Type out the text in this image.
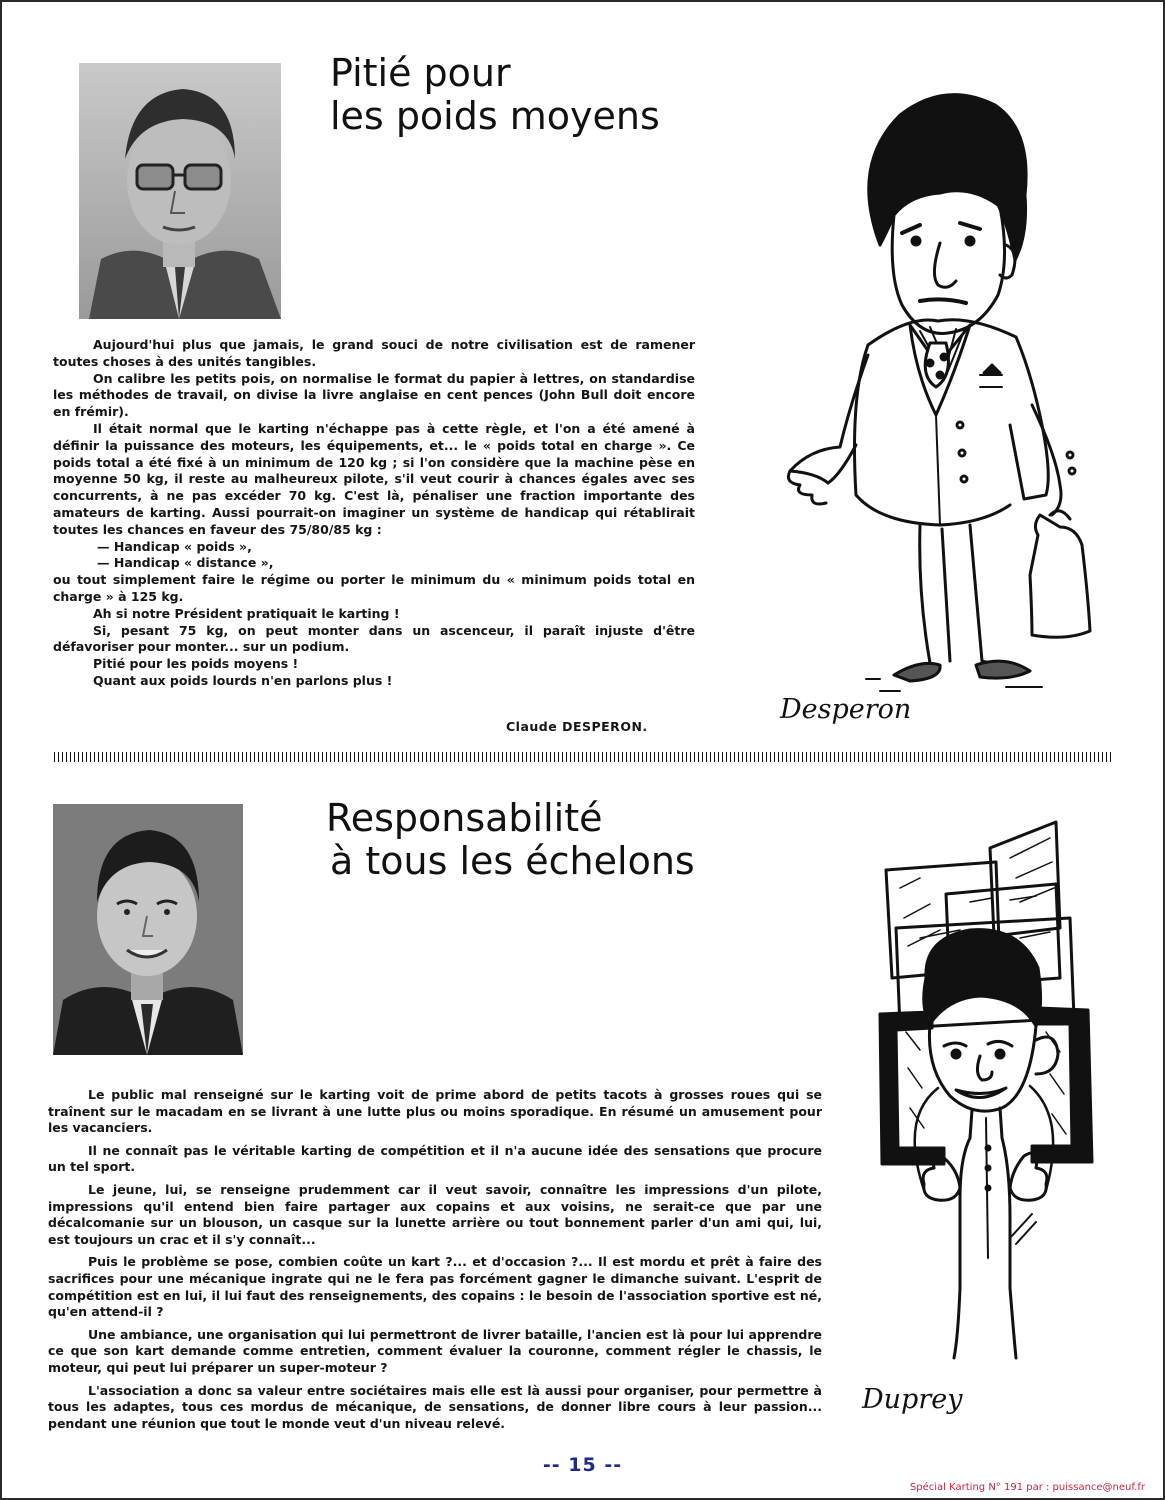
Pitié pour
les poids moyens

Aujourd'hui plus que jamais, le grand souci de notre civilisation est de ramener toutes choses à des unités tangibles.

On calibre les petits pois, on normalise le format du papier à lettres, on standardise les méthodes de travail, on divise la livre anglaise en cent pences (John Bull doit encore en frémir).

Il était normal que le karting n'échappe pas à cette règle, et l'on a été amené à définir la puissance des moteurs, les équipements, et... le « poids total en charge ». Ce poids total a été fixé à un minimum de 120 kg ; si l'on considère que la machine pèse en moyenne 50 kg, il reste au malheureux pilote, s'il veut courir à chances égales avec ses concurrents, à ne pas excéder 70 kg. C'est là, pénaliser une fraction importante des amateurs de karting. Aussi pourrait-on imaginer un système de handicap qui rétablirait toutes les chances en faveur des 75/80/85 kg :

— Handicap « poids »,

— Handicap « distance »,

ou tout simplement faire le régime ou porter le minimum du « minimum poids total en charge » à 125 kg.

Ah si notre Président pratiquait le karting !

Si, pesant 75 kg, on peut monter dans un ascenceur, il paraît injuste d'être défavoriser pour monter... sur un podium.

Pitié pour les poids moyens !

Quant aux poids lourds n'en parlons plus !

Claude DESPERON.
Desperon
Responsabilité
à tous les échelons

Le public mal renseigné sur le karting voit de prime abord de petits tacots à grosses roues qui se traînent sur le macadam en se livrant à une lutte plus ou moins sporadique. En résumé un amusement pour les vacanciers.

Il ne connaît pas le véritable karting de compétition et il n'a aucune idée des sensations que procure un tel sport.

Le jeune, lui, se renseigne prudemment car il veut savoir, connaître les impressions d'un pilote, impressions qu'il entend bien faire partager aux copains et aux voisins, ne serait-ce que par une décalcomanie sur un blouson, un casque sur la lunette arrière ou tout bonnement parler d'un ami qui, lui, est toujours un crac et il s'y connaît...

Puis le problème se pose, combien coûte un kart ?... et d'occasion ?... Il est mordu et prêt à faire des sacrifices pour une mécanique ingrate qui ne le fera pas forcément gagner le dimanche suivant. L'esprit de compétition est en lui, il lui faut des renseignements, des copains : le besoin de l'association sportive est né, qu'en attend-il ?

Une ambiance, une organisation qui lui permettront de livrer bataille, l'ancien est là pour lui apprendre ce que son kart demande comme entretien, comment évaluer la couronne, comment régler le chassis, le moteur, qui peut lui préparer un super-moteur ?

L'association a donc sa valeur entre sociétaires mais elle est là aussi pour organiser, pour permettre à tous les adaptes, tous ces mordus de mécanique, de sensations, de donner libre cours à leur passion... pendant une réunion que tout le monde veut d'un niveau relevé.

Duprey
-- 15 --
Spécial Karting N° 191 par : puissance@neuf.fr
